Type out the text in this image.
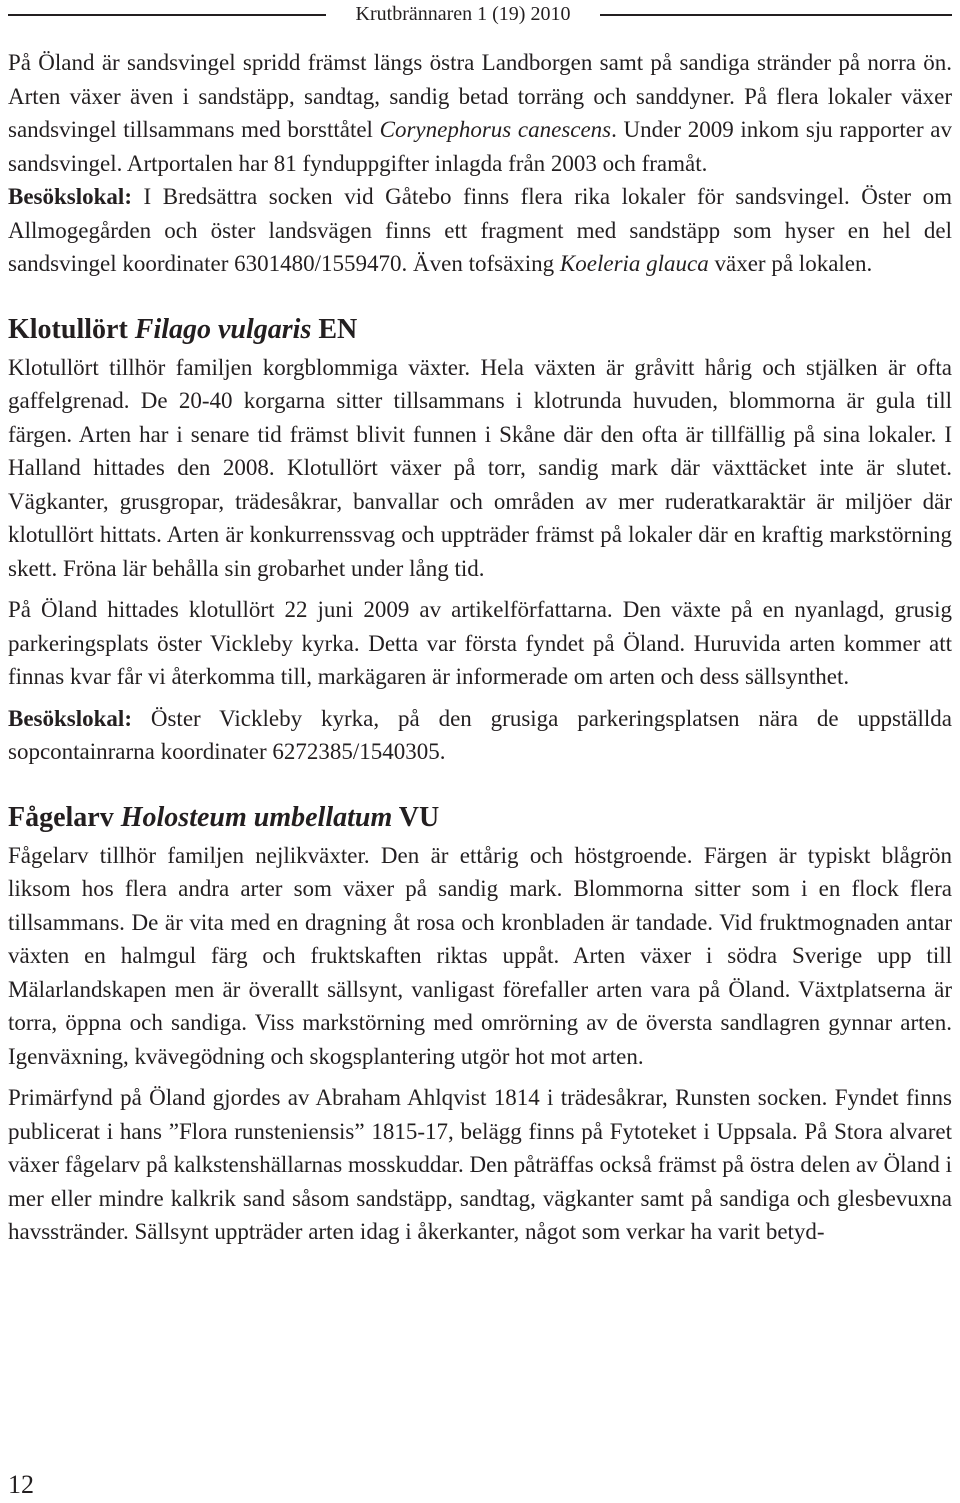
Krutbrännaren 1 (19) 2010

På Öland är sandsvingel spridd främst längs östra Landborgen samt på sandiga stränder på norra ön. Arten växer även i sandstäpp, sandtag, sandig betad torräng och sanddyner. På flera lokaler växer sandsvingel tillsammans med borsttåtel Corynephorus canescens. Under 2009 inkom sju rapporter av sandsvingel. Artportalen har 81 fynduppgifter inlagda från 2003 och framåt.

Besökslokal: I Bredsättra socken vid Gåtebo finns flera rika lokaler för sandsvingel. Öster om Allmogegården och öster landsvägen finns ett fragment med sandstäpp som hyser en hel del sandsvingel koordinater 6301480/1559470. Även tofsäxing Koeleria glauca växer på lokalen.

Klotullört Filago vulgaris EN

Klotullört tillhör familjen korgblommiga växter. Hela växten är gråvitt hårig och stjälken är ofta gaffelgrenad. De 20-40 korgarna sitter tillsammans i klotrunda huvuden, blommorna är gula till färgen. Arten har i senare tid främst blivit funnen i Skåne där den ofta är tillfällig på sina lokaler. I Halland hittades den 2008. Klotullört växer på torr, sandig mark där växttäcket inte är slutet. Vägkanter, grusgropar, trädesåkrar, banvallar och områden av mer ruderatkaraktär är miljöer där klotullört hittats. Arten är konkurrenssvag och uppträder främst på lokaler där en kraftig markstörning skett. Fröna lär behålla sin grobarhet under lång tid.

På Öland hittades klotullört 22 juni 2009 av artikelförfattarna. Den växte på en nyanlagd, grusig parkeringsplats öster Vickleby kyrka. Detta var första fyndet på Öland. Huruvida arten kommer att finnas kvar får vi återkomma till, markägaren är informerade om arten och dess sällsynthet.

Besökslokal: Öster Vickleby kyrka, på den grusiga parkeringsplatsen nära de uppställda sopcontainrarna koordinater 6272385/1540305.

Fågelarv Holosteum umbellatum VU

Fågelarv tillhör familjen nejlikväxter. Den är ettårig och höstgroende. Färgen är typiskt blågrön liksom hos flera andra arter som växer på sandig mark. Blommorna sitter som i en flock flera tillsammans. De är vita med en dragning åt rosa och kronbladen är tandade. Vid fruktmognaden antar växten en halmgul färg och fruktskaften riktas uppåt. Arten växer i södra Sverige upp till Mälarlandskapen men är överallt sällsynt, vanligast förefaller arten vara på Öland. Växtplatserna är torra, öppna och sandiga. Viss markstörning med omrörning av de översta sandlagren gynnar arten. Igenväxning, kvävegödning och skogsplantering utgör hot mot arten.

Primärfynd på Öland gjordes av Abraham Ahlqvist 1814 i trädesåkrar, Runsten socken. Fyndet finns publicerat i hans ”Flora runsteniensis” 1815-17, belägg finns på Fytoteket i Uppsala. På Stora alvaret växer fågelarv på kalkstenshällarnas mosskuddar. Den påträffas också främst på östra delen av Öland i mer eller mindre kalkrik sand såsom sandstäpp, sandtag, vägkanter samt på sandiga och glesbevuxna havsstränder. Sällsynt uppträder arten idag i åkerkanter, något som verkar ha varit betyd-

12
